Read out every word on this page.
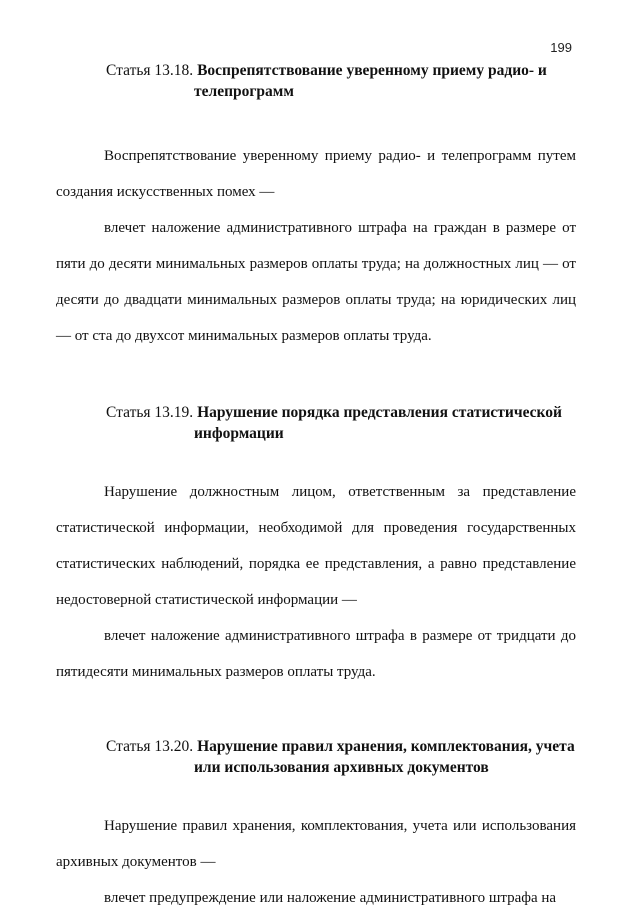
199
Статья 13.18. Воспрепятствование уверенному приему радио- и
телепрограмм

Воспрепятствование уверенному приему радио- и телепрограмм путем создания искусственных помех —

влечет наложение административного штрафа на граждан в размере от пяти до десяти минимальных размеров оплаты труда; на должностных лиц — от десяти до двадцати минимальных размеров оплаты труда; на юридических лиц — от ста до двухсот минимальных размеров оплаты труда.

Статья 13.19. Нарушение порядка представления статистической
информации

Нарушение должностным лицом, ответственным за представление статистической информации, необходимой для проведения государственных статистических наблюдений, порядка ее представления, а равно представление недостоверной статистической информации —

влечет наложение административного штрафа в размере от тридцати до пятидесяти минимальных размеров оплаты труда.

Статья 13.20. Нарушение правил хранения, комплектования, учета
или использования архивных документов

Нарушение правил хранения, комплектования, учета или использования архивных документов —

влечет предупреждение или наложение административного штрафа на
